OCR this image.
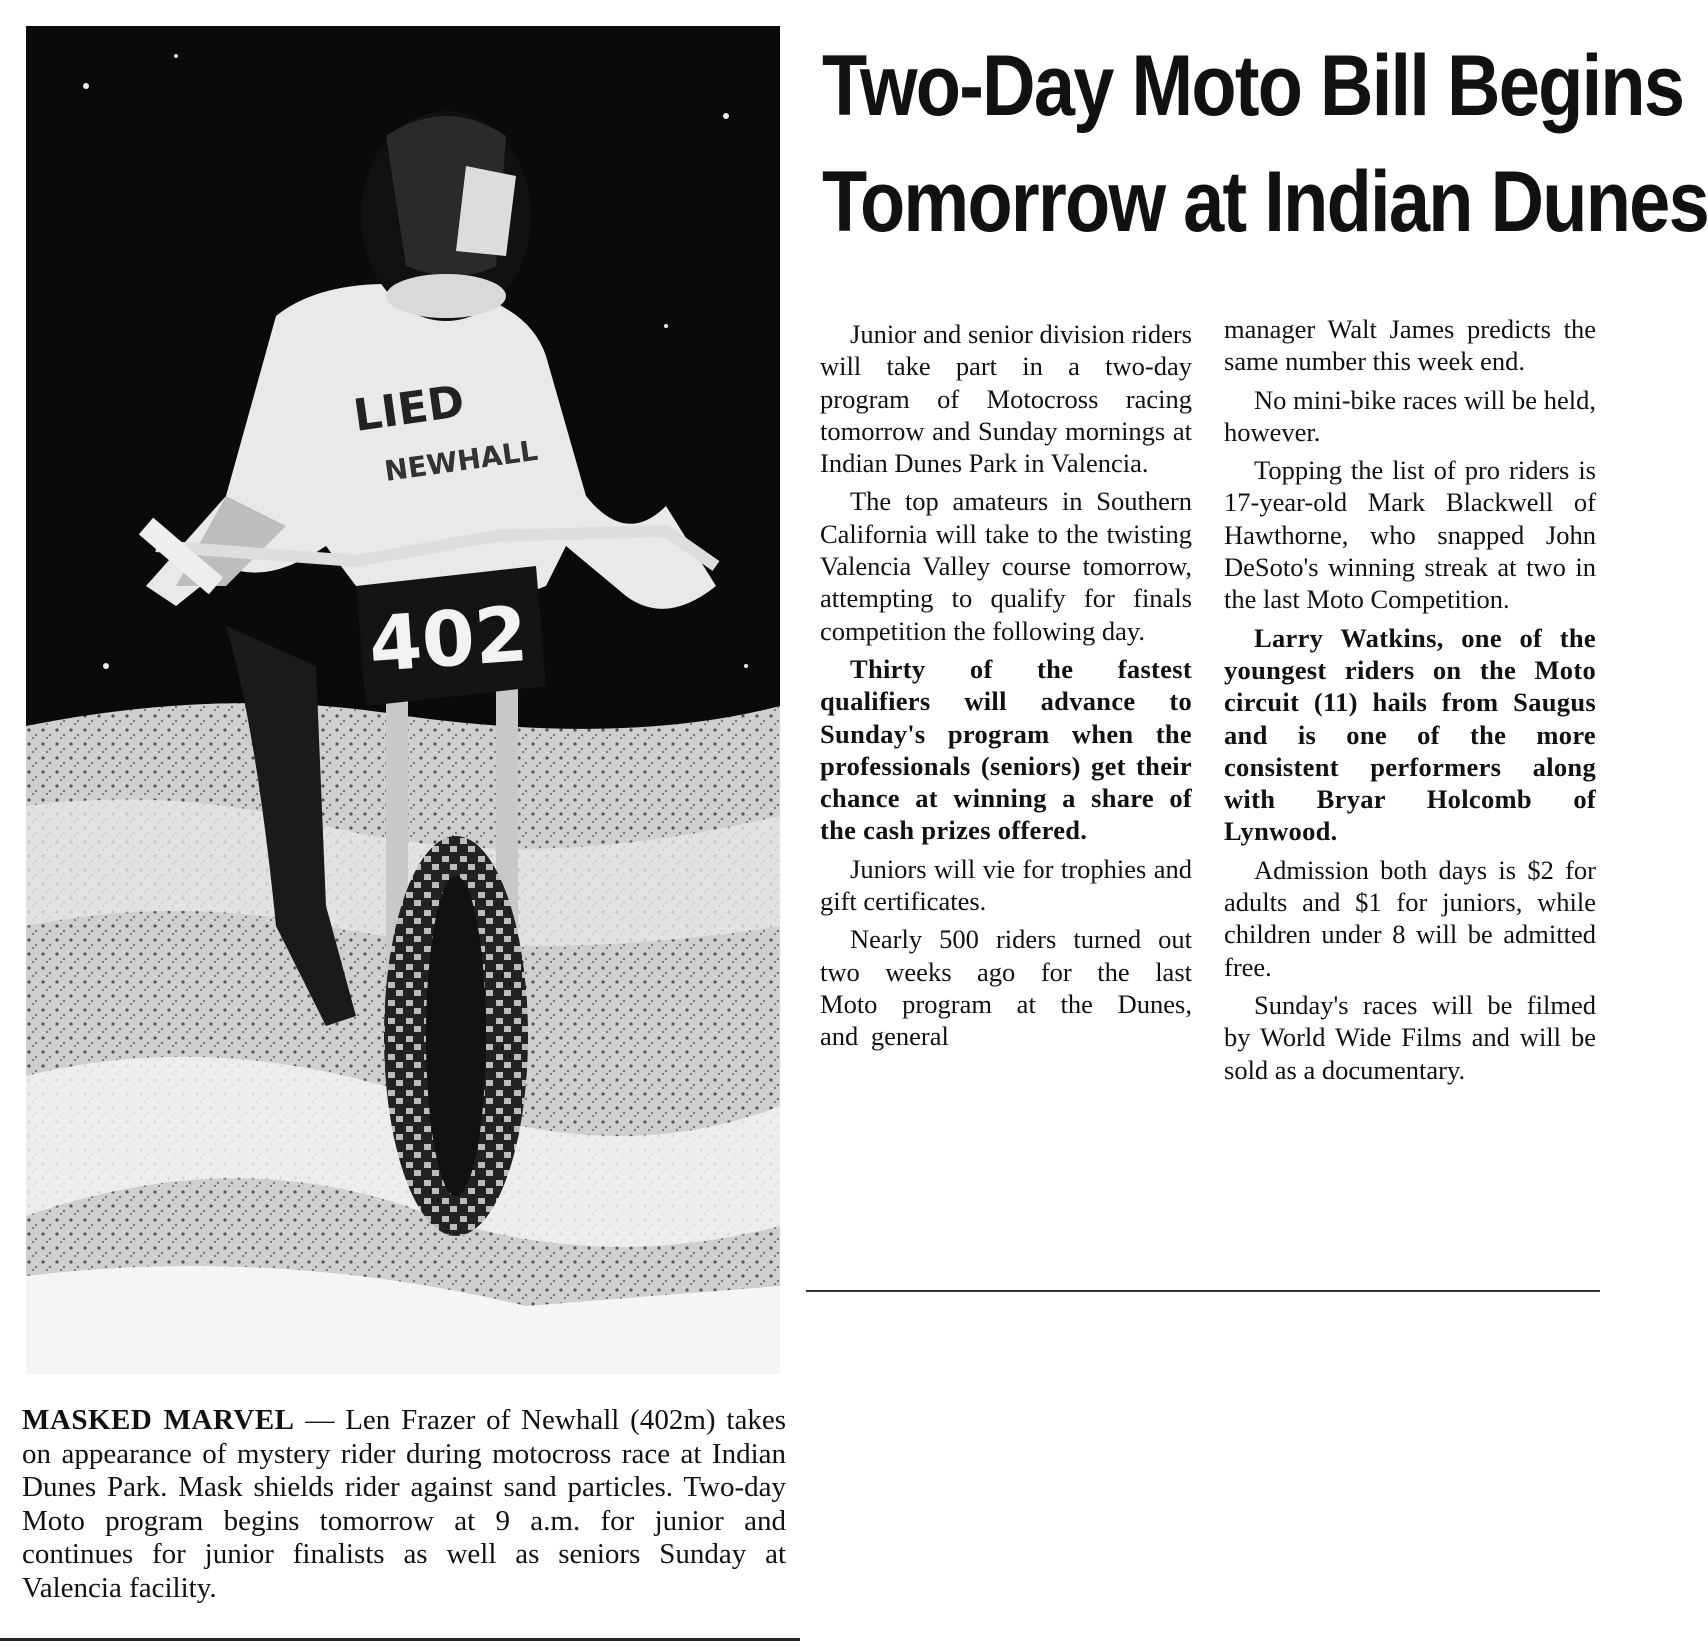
LIED
NEWHALL
402

MASKED MARVEL — Len Frazer of Newhall (402m) takes on appearance of mystery rider during motocross race at Indian Dunes Park. Mask shields rider against sand particles. Two-day Moto program begins tomorrow at 9 a.m. for junior and continues for junior finalists as well as seniors Sunday at Valencia facility.

Two-Day Moto Bill Begins
Tomorrow at Indian Dunes

Junior and senior division riders will take part in a two-day program of Motocross racing tomorrow and Sunday mornings at Indian Dunes Park in Valencia.

The top amateurs in Southern California will take to the twisting Valencia Valley course tomorrow, attempting to qualify for finals competition the following day.

Thirty of the fastest qualifiers will advance to Sunday's program when the professionals (seniors) get their chance at winning a share of the cash prizes offered.

Juniors will vie for trophies and gift certificates.

Nearly 500 riders turned out two weeks ago for the last Moto program at the Dunes, and general

manager Walt James predicts the same number this week end.

No mini-bike races will be held, however.

Topping the list of pro riders is 17-year-old Mark Blackwell of Hawthorne, who snapped John DeSoto's winning streak at two in the last Moto Competition.

Larry Watkins, one of the youngest riders on the Moto circuit (11) hails from Saugus and is one of the more consistent performers along with Bryar Holcomb of Lynwood.

Admission both days is $2 for adults and $1 for juniors, while children under 8 will be admitted free.

Sunday's races will be filmed by World Wide Films and will be sold as a documentary.
